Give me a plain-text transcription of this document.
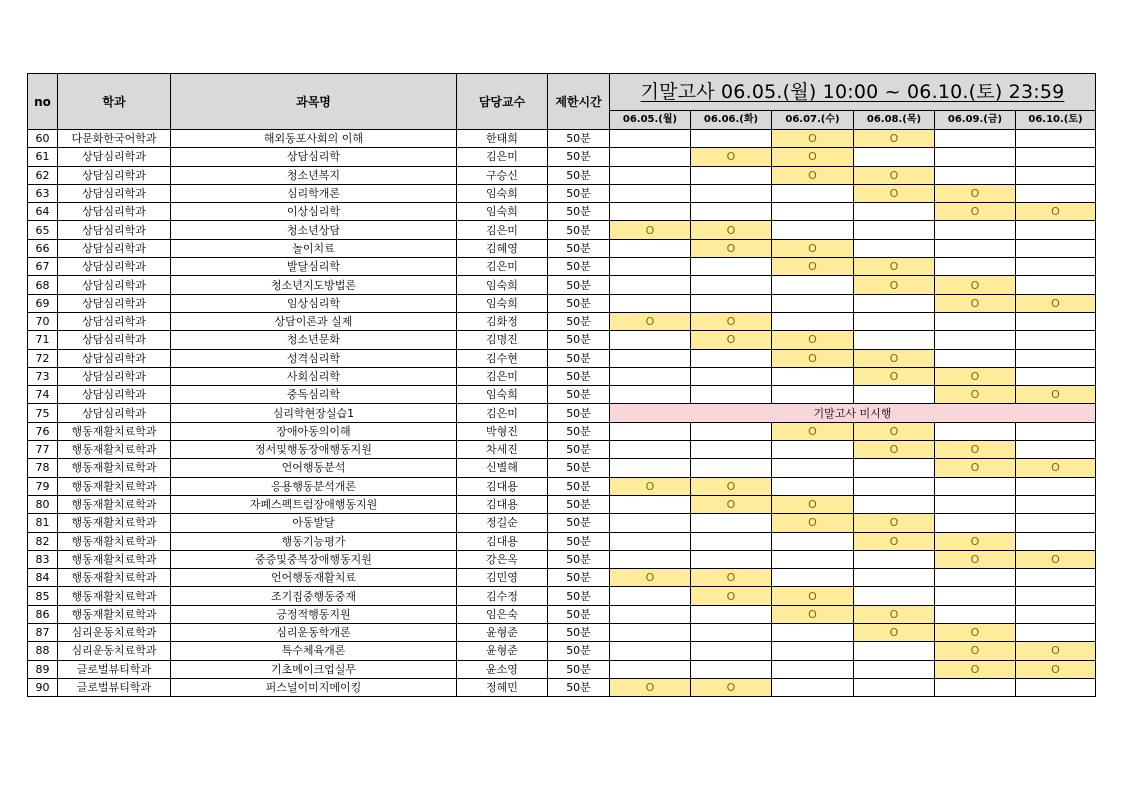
no	학과	과목명	담당교수	제한시간	기말고사 06.05.(월) 10:00 ~ 06.10.(토) 23:59					
					06.05.(월)	06.06.(화)	06.07.(수)	06.08.(목)	06.09.(금)	06.10.(토)
60	다문화한국어학과	해외동포사회의 이해	한태희	50분			O	O		
61	상담심리학과	상담심리학	김은미	50분		O	O			
62	상담심리학과	청소년복지	구승신	50분			O	O		
63	상담심리학과	심리학개론	임숙희	50분				O	O	
64	상담심리학과	이상심리학	임숙희	50분					O	O
65	상담심리학과	청소년상담	김은미	50분	O	O				
66	상담심리학과	놀이치료	김혜영	50분		O	O			
67	상담심리학과	발달심리학	김은미	50분			O	O		
68	상담심리학과	청소년지도방법론	임숙희	50분				O	O	
69	상담심리학과	임상심리학	임숙희	50분					O	O
70	상담심리학과	상담이론과 실제	김화정	50분	O	O				
71	상담심리학과	청소년문화	김명진	50분		O	O			
72	상담심리학과	성격심리학	김수현	50분			O	O		
73	상담심리학과	사회심리학	김은미	50분				O	O	
74	상담심리학과	중독심리학	임숙희	50분					O	O
75	상담심리학과	심리학현장실습1	김은미	50분	기말고사 미시행					
76	행동재활치료학과	장애아동의이해	박형진	50분			O	O		
77	행동재활치료학과	정서및행동장애행동지원	차세진	50분				O	O	
78	행동재활치료학과	언어행동분석	신별해	50분					O	O
79	행동재활치료학과	응용행동분석개론	김대용	50분	O	O				
80	행동재활치료학과	자폐스펙트럼장애행동지원	김대용	50분		O	O			
81	행동재활치료학과	아동발달	정길순	50분			O	O		
82	행동재활치료학과	행동기능평가	김대용	50분				O	O	
83	행동재활치료학과	중증및중복장애행동지원	강은옥	50분					O	O
84	행동재활치료학과	언어행동재활치료	김민영	50분	O	O				
85	행동재활치료학과	조기집중행동중재	김수정	50분		O	O			
86	행동재활치료학과	긍정적행동지원	임은숙	50분			O	O		
87	심리운동치료학과	심리운동학개론	윤형준	50분				O	O	
88	심리운동치료학과	특수체육개론	윤형준	50분					O	O
89	글로벌뷰티학과	기초메이크업실무	윤소영	50분					O	O
90	글로벌뷰티학과	퍼스널이미지메이킹	정혜민	50분	O	O				
